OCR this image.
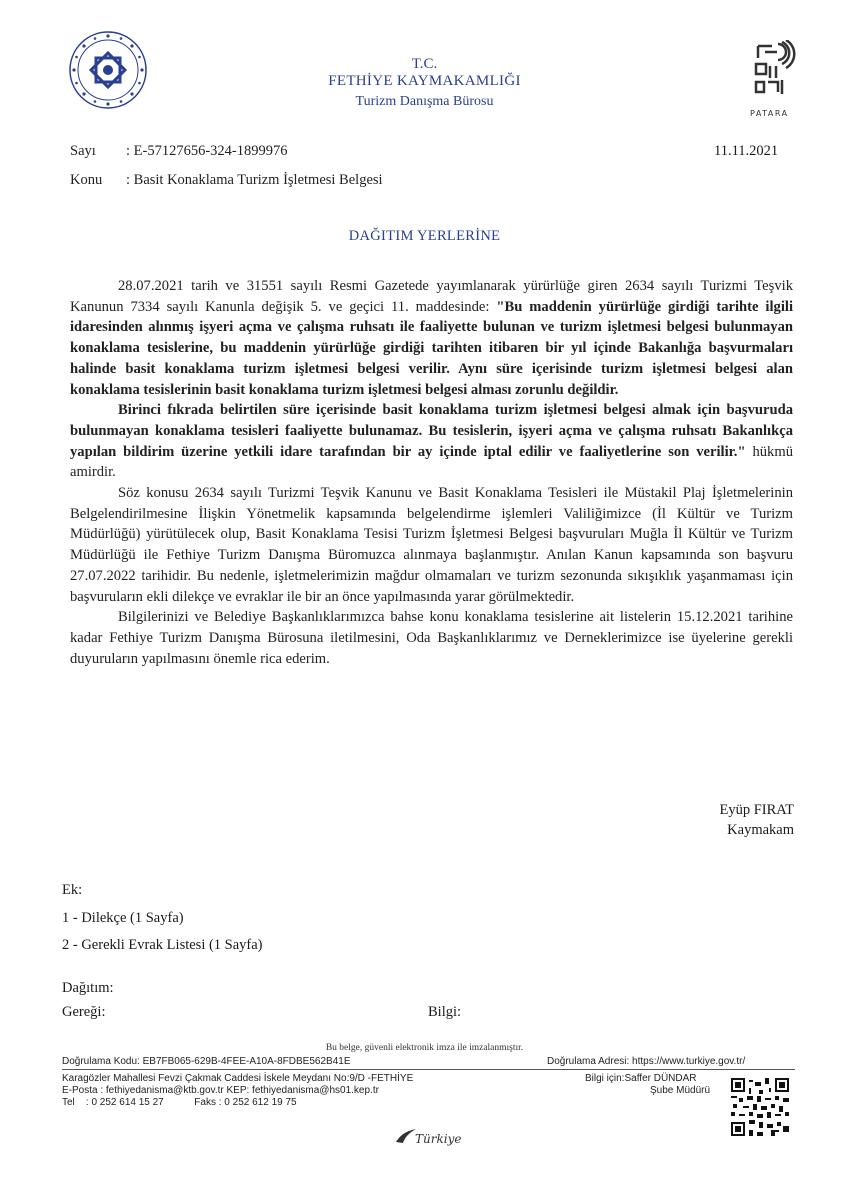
T.C.
FETHİYE KAYMAKAMLIĞI
Turizm Danışma Bürosu
PATARA
Sayı : E-57127656-324-1899976
Konu : Basit Konaklama Turizm İşletmesi Belgesi
11.11.2021
DAĞITIM YERLERİNE

28.07.2021 tarih ve 31551 sayılı Resmi Gazetede yayımlanarak yürürlüğe giren 2634 sayılı Turizmi Teşvik Kanunun 7334 sayılı Kanunla değişik 5. ve geçici 11. maddesinde: "Bu maddenin yürürlüğe girdiği tarihte ilgili idaresinden alınmış işyeri açma ve çalışma ruhsatı ile faaliyette bulunan ve turizm işletmesi belgesi bulunmayan konaklama tesislerine, bu maddenin yürürlüğe girdiği tarihten itibaren bir yıl içinde Bakanlığa başvurmaları halinde basit konaklama turizm işletmesi belgesi verilir. Aynı süre içerisinde turizm işletmesi belgesi alan konaklama tesislerinin basit konaklama turizm işletmesi belgesi alması zorunlu değildir.

Birinci fıkrada belirtilen süre içerisinde basit konaklama turizm işletmesi belgesi almak için başvuruda bulunmayan konaklama tesisleri faaliyette bulunamaz. Bu tesislerin, işyeri açma ve çalışma ruhsatı Bakanlıkça yapılan bildirim üzerine yetkili idare tarafından bir ay içinde iptal edilir ve faaliyetlerine son verilir." hükmü amirdir.

Söz konusu 2634 sayılı Turizmi Teşvik Kanunu ve Basit Konaklama Tesisleri ile Müstakil Plaj İşletmelerinin Belgelendirilmesine İlişkin Yönetmelik kapsamında belgelendirme işlemleri Valiliğimizce (İl Kültür ve Turizm Müdürlüğü) yürütülecek olup, Basit Konaklama Tesisi Turizm İşletmesi Belgesi başvuruları Muğla İl Kültür ve Turizm Müdürlüğü ile Fethiye Turizm Danışma Büromuzca alınmaya başlanmıştır. Anılan Kanun kapsamında son başvuru 27.07.2022 tarihidir. Bu nedenle, işletmelerimizin mağdur olmamaları ve turizm sezonunda sıkışıklık yaşanmaması için başvuruların ekli dilekçe ve evraklar ile bir an önce yapılmasında yarar görülmektedir.

Bilgilerinizi ve Belediye Başkanlıklarımızca bahse konu konaklama tesislerine ait listelerin 15.12.2021 tarihine kadar Fethiye Turizm Danışma Bürosuna iletilmesini, Oda Başkanlıklarımız ve Derneklerimizce ise üyelerine gerekli duyuruların yapılmasını önemle rica ederim.

Eyüp FIRAT
Kaymakam
Ek:
1 - Dilekçe (1 Sayfa)
2 - Gerekli Evrak Listesi (1 Sayfa)
Dağıtım:
Gereği:	Bilgi:
Bu belge, güvenli elektronik imza ile imzalanmıştır.
Doğrulama Kodu: EB7FB065-629B-4FEE-A10A-8FDBE562B41E	Doğrulama Adresi: https://www.turkiye.gov.tr/
Karagözler Mahallesi Fevzi Çakmak Caddesi İskele Meydanı No:9/D -FETHİYE
E-Posta : fethiyedanisma@ktb.gov.tr KEP: fethiyedanisma@hs01.kep.tr
Tel    : 0 252 614 15 27           Faks : 0 252 612 19 75
Bilgi için:Saffer DÜNDAR
Şube Müdürü
Türkiye
